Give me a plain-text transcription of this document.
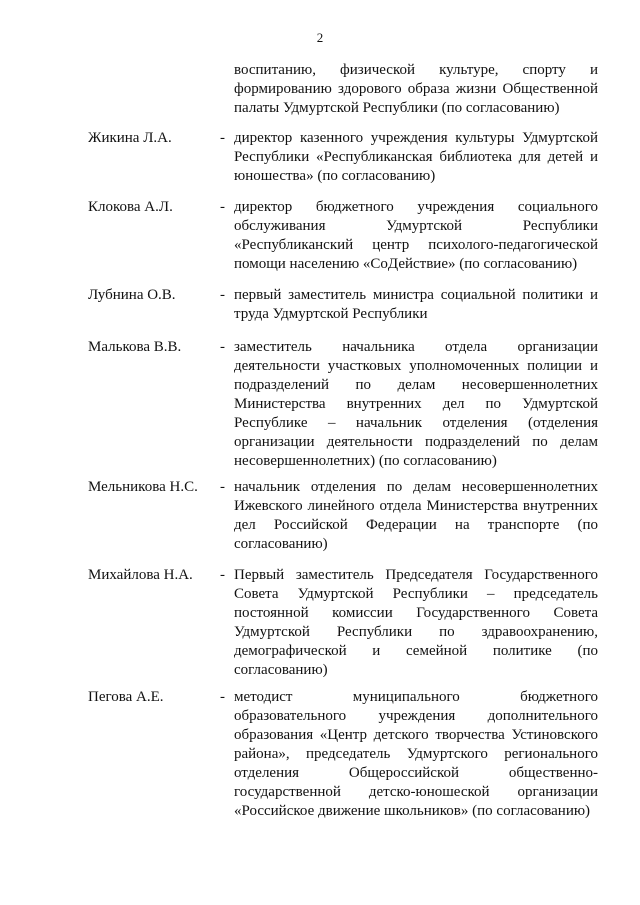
2
воспитанию, физической культуре, спорту и формированию здорового образа жизни Общественной палаты Удмуртской Республики (по согласованию)
Жикина Л.А.	- директор казенного учреждения культуры Удмуртской Республики «Республиканская библиотека для детей и юношества» (по согласованию)
Клокова А.Л.	- директор бюджетного учреждения социального обслуживания Удмуртской Республики «Республиканский центр психолого-педагогической помощи населению «СоДействие» (по согласованию)
Лубнина О.В.	- первый заместитель министра социальной политики и труда Удмуртской Республики
Малькова В.В.	- заместитель начальника отдела организации деятельности участковых уполномоченных полиции и подразделений по делам несовершеннолетних Министерства внутренних дел по Удмуртской Республике – начальник отделения (отделения организации деятельности подразделений по делам несовершеннолетних) (по согласованию)
Мельникова Н.С. - начальник отделения по делам несовершеннолетних Ижевского линейного отдела Министерства внутренних дел Российской Федерации на транспорте (по согласованию)
Михайлова Н.А. - Первый заместитель Председателя Государственного Совета Удмуртской Республики – председатель постоянной комиссии Государственного Совета Удмуртской Республики по здравоохранению, демографической и семейной политике (по согласованию)
Пегова А.Е.	- методист муниципального бюджетного образовательного учреждения дополнительного образования «Центр детского творчества Устиновского района», председатель Удмуртского регионального отделения Общероссийской общественно-государственной детско-юношеской организации «Российское движение школьников» (по согласованию)
